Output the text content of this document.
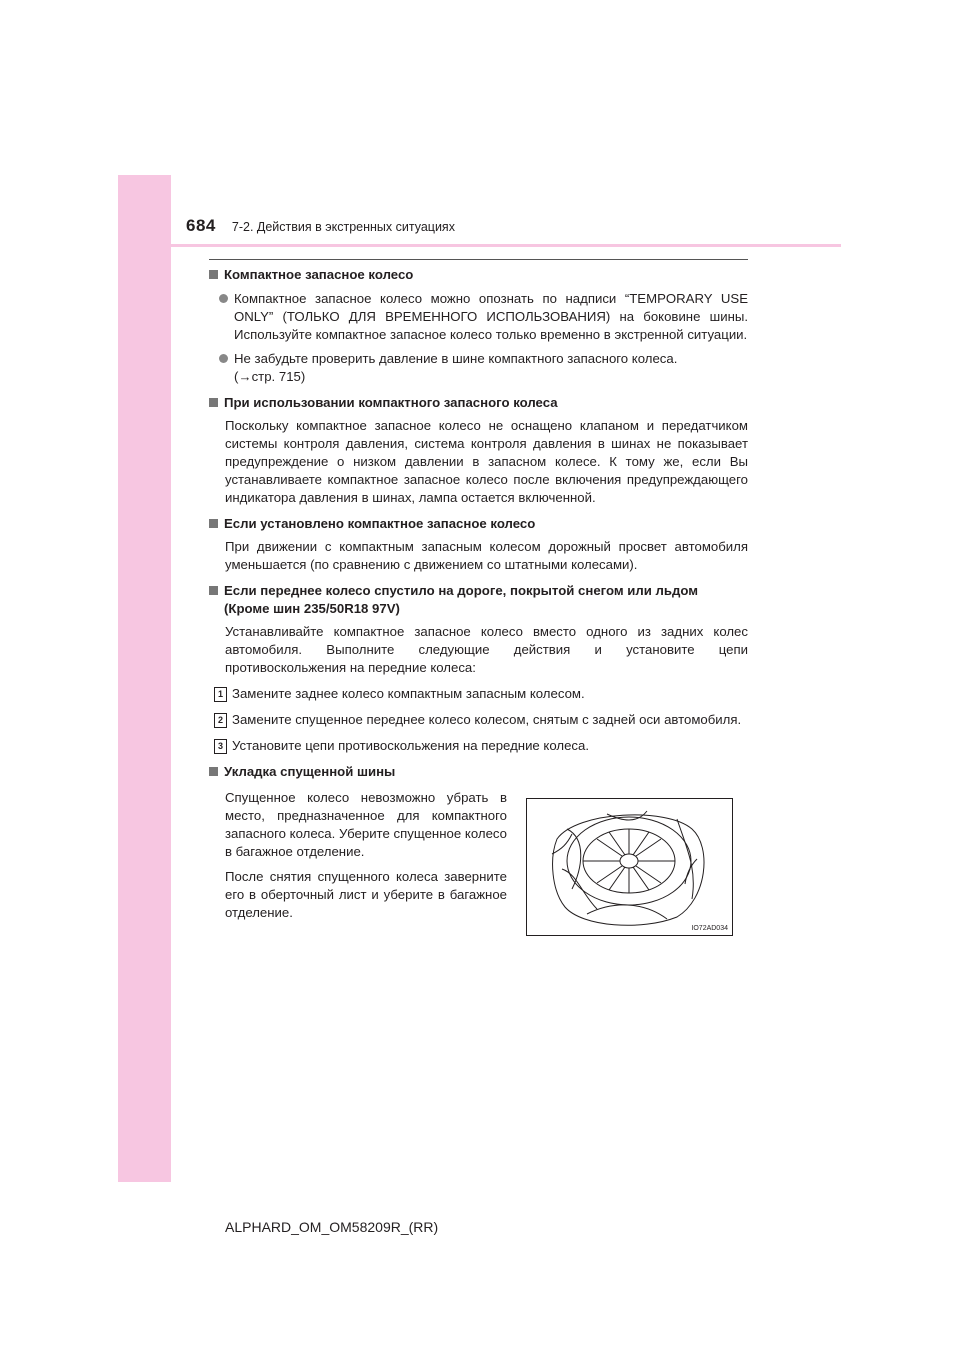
684 7-2. Действия в экстренных ситуациях
Компактное запасное колесо
Компактное запасное колесо можно опознать по надписи “TEMPORARY USE ONLY” (ТОЛЬКО ДЛЯ ВРЕМЕННОГО ИСПОЛЬЗОВАНИЯ) на боковине шины. Используйте компактное запасное колесо только временно в экстренной ситуации.
Не забудьте проверить давление в шине компактного запасного колеса.
(→стр. 715)
При использовании компактного запасного колеса
Поскольку компактное запасное колесо не оснащено клапаном и передатчиком системы контроля давления, система контроля давления в шинах не показывает предупреждение о низком давлении в запасном колесе. К тому же, если Вы устанавливаете компактное запасное колесо после включения предупреждающего индикатора давления в шинах, лампа остается включенной.
Если установлено компактное запасное колесо
При движении с компактным запасным колесом дорожный просвет автомобиля уменьшается (по сравнению с движением со штатными колесами).
Если переднее колесо спустило на дороге, покрытой снегом или льдом
(Кроме шин 235/50R18 97V)
Устанавливайте компактное запасное колесо вместо одного из задних колес автомобиля. Выполните следующие действия и установите цепи противоскольжения на передние колеса:
1 Замените заднее колесо компактным запасным колесом.
2 Замените спущенное переднее колесо колесом, снятым с задней оси автомобиля.
3 Установите цепи противоскольжения на передние колеса.
Укладка спущенной шины

Спущенное колесо невозможно убрать в место, предназначенное для компактного запасного колеса. Уберите спущенное колесо в багажное отделение.

После снятия спущенного колеса заверните его в оберточный лист и уберите в багажное отделение.

IO72AD034
ALPHARD_OM_OM58209R_(RR)
